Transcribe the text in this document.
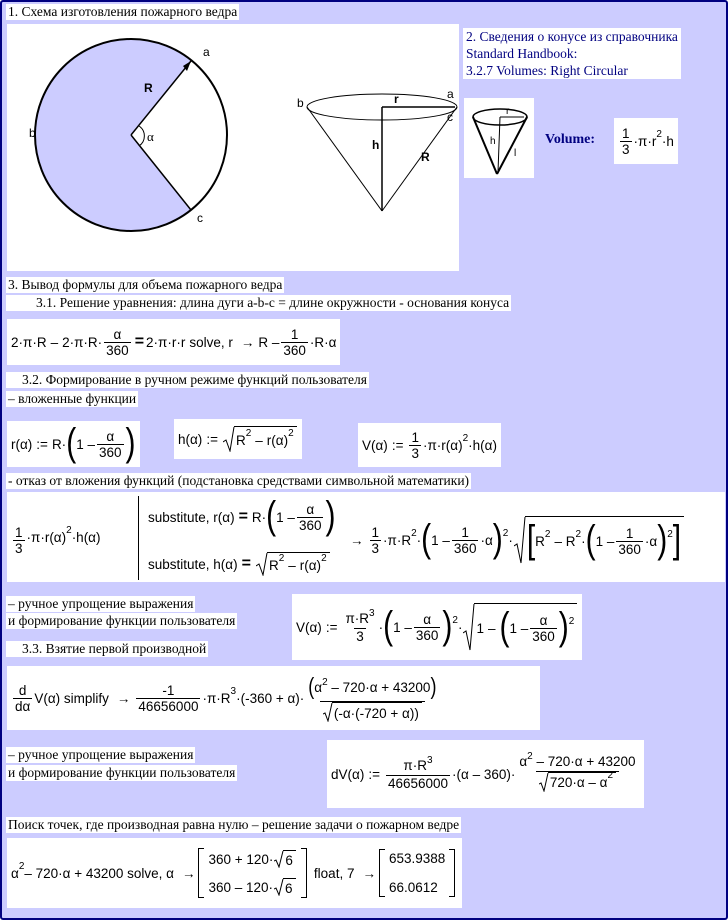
1. Схема изготовления пожарного ведра
a
b
c
R
α
b
a
c
r
h
R
2. Сведения о конусе из справочника
Standard Handbook:
3.2.7 Volumes: Right Circular
r
h
l
Volume: $\frac{1}{3} \cdot\pi\cdot r$ 2 ·h
3. Вывод формулы для объема пожарного ведра
3.1. Решение уравнения: длина дуги a-b-c = длине окружности - основания конуса
$2\cdot\pi\cdot R - 2\cdot\pi\cdot R\cdot \frac{\alpha}{360} = 2\cdot\pi\cdot r \cdot r$ solve, $r \to R - \frac{1}{360} \cdot R\cdot\alpha$
3.2. Формирование в ручном режиме функций пользователя
– вложенные функции
r(α) := R· ( $1 - \frac{\alpha}{360}$ )	h(α) := R 2 – r(α) 2
V(α) := $\frac{1}{3} \cdot\pi\cdot r(\alpha)$ 2 ·h(α)
- отказ от вложения функций (подстановка средствами символьной математики)
$\frac{1}{3} \cdot\pi\cdot r(\alpha)$ 2 ·h(α)
substitute, r(α) = R· ( $1 - \frac{\alpha}{360}$ )
substitute, h(α) = R 2 – r(α) 2
→ $\frac{1}{3} \cdot\pi\cdot R$ 2 · ( $1 - \frac{1}{360} \cdot \alpha$ ) 2 · [ R 2 – R 2 · ( $1 - \frac{1}{360} \cdot \alpha$ ) 2 ]
– ручное упрощение выражения
и формирование функции пользователя	V(α) := $\frac{\pi\cdot R^3}{3}$ · ( $1 - \frac{\alpha}{360}$ ) 2 · 1 – ( $1 - \frac{\alpha}{360}$ ) 2
3.3. Взятие первой производной
$\frac{d}{d\alpha} V(\alpha)$ simplify → $\frac{-1}{46656000} \cdot\pi\cdot R$ $3 \cdot(-360 + \alpha)\cdot \frac{(\alpha^2 - 720\cdot\alpha + 43200)}{(-\alpha\cdot(-720 + \alpha))}$
– ручное упрощение выражения
и формирование функции пользователя	dV(α) := $\frac{\pi\cdot R^3}{46656000} \cdot(\alpha - 360)\cdot \frac{\alpha^2 - 720\cdot\alpha + 43200}{720\cdot\alpha - \alpha 2}$
Поиск точек, где производная равна нулю – решение задачи о пожарном ведре
α 2 – 720·α + 43200 solve, α →
360 + 120· 6
360 – 120· 6
float, 7 →
653.9388
66.0612
